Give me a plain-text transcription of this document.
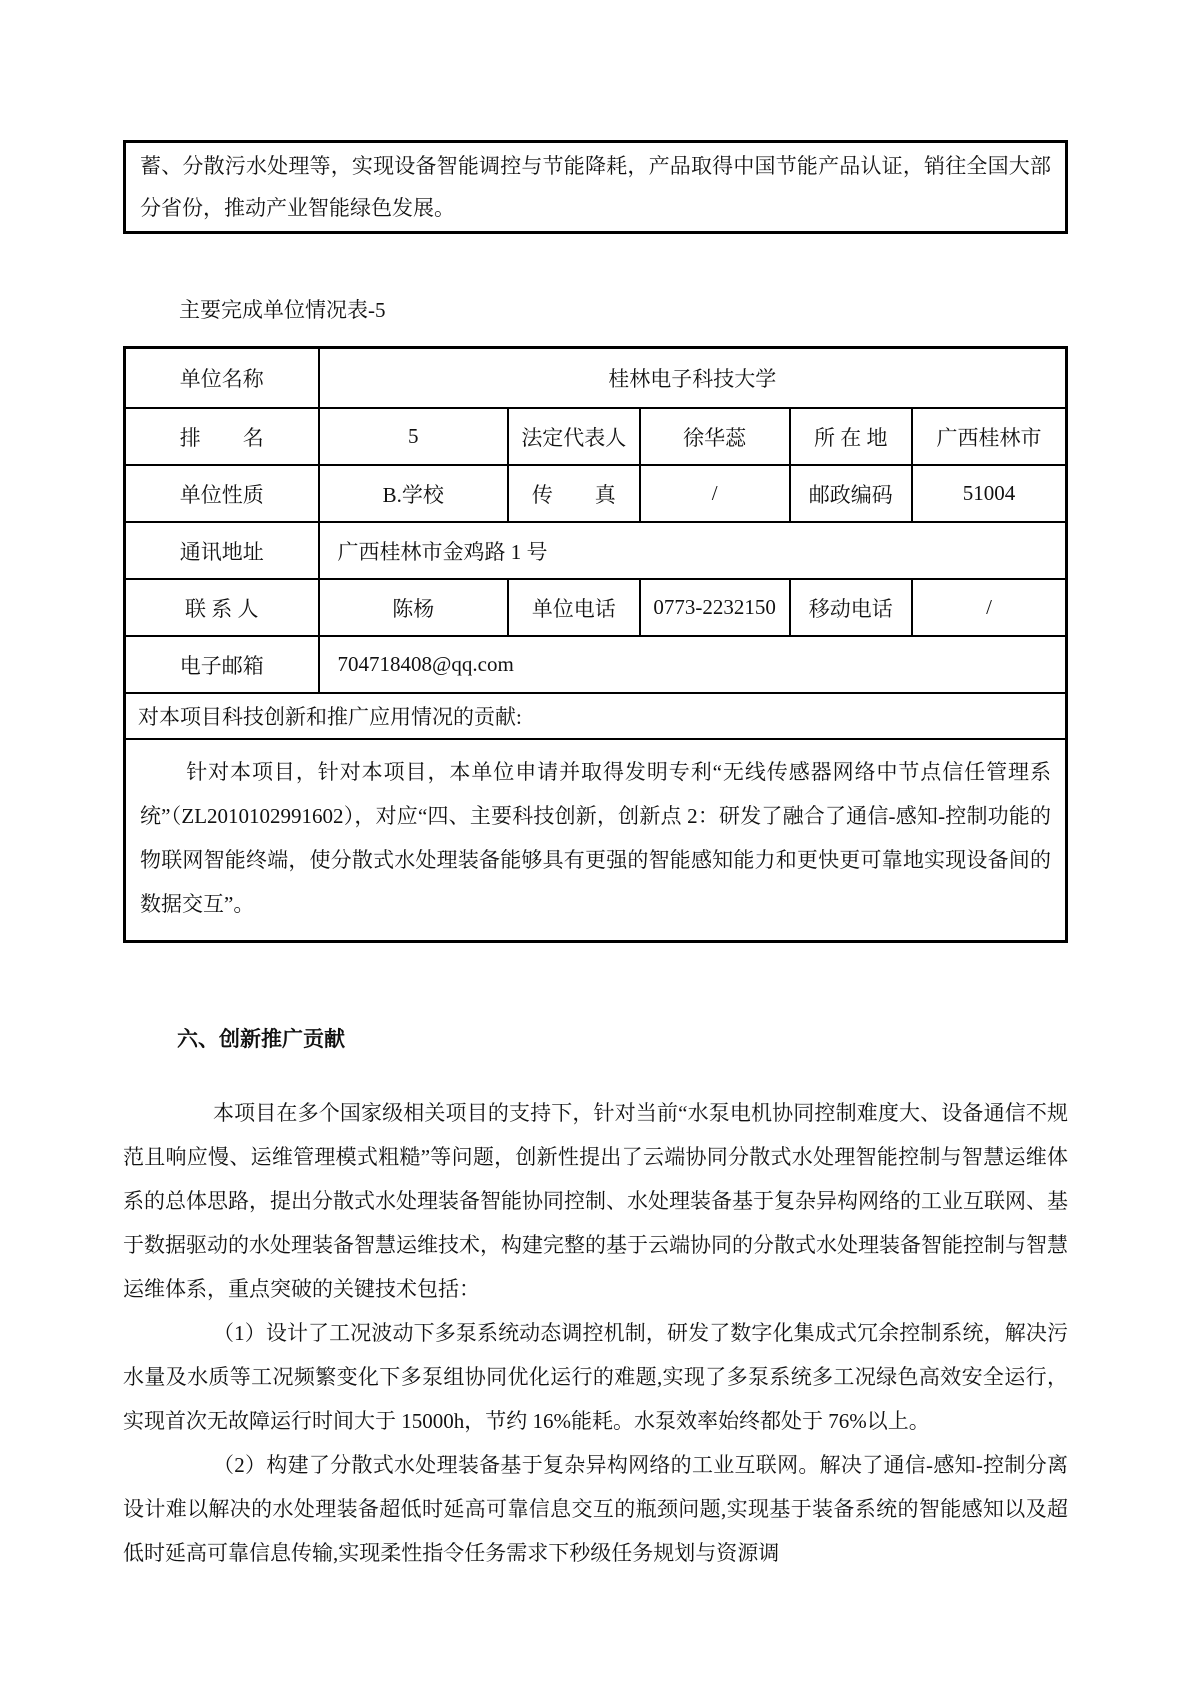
蓄、分散污水处理等，实现设备智能调控与节能降耗，产品取得中国节能产品认证，销往全国大部分省份，推动产业智能绿色发展。
主要完成单位情况表-5
单位名称	桂林电子科技大学				
排　　名	5	法定代表人	徐华蕊	所 在 地	广西桂林市
单位性质	B.学校	传　　真	/	邮政编码	51004
通讯地址	广西桂林市金鸡路 1 号				
联 系 人	陈杨	单位电话	0773-2232150	移动电话	/
电子邮箱	704718408@qq.com				
对本项目科技创新和推广应用情况的贡献:					

针对本项目，针对本项目，本单位申请并取得发明专利“无线传感器网络中节点信任管理系统”（ZL2010102991602），对应“四、主要科技创新，创新点 2：研发了融合了通信-感知-控制功能的物联网智能终端，使分散式水处理装备能够具有更强的智能感知能力和更快更可靠地实现设备间的数据交互”。					

六、创新推广贡献

本项目在多个国家级相关项目的支持下，针对当前“水泵电机协同控制难度大、设备通信不规范且响应慢、运维管理模式粗糙”等问题，创新性提出了云端协同分散式水处理智能控制与智慧运维体系的总体思路，提出分散式水处理装备智能协同控制、水处理装备基于复杂异构网络的工业互联网、基于数据驱动的水处理装备智慧运维技术，构建完整的基于云端协同的分散式水处理装备智能控制与智慧运维体系，重点突破的关键技术包括：

（1）设计了工况波动下多泵系统动态调控机制，研发了数字化集成式冗余控制系统，解决污水量及水质等工况频繁变化下多泵组协同优化运行的难题,实现了多泵系统多工况绿色高效安全运行，实现首次无故障运行时间大于 15000h，节约 16%能耗。水泵效率始终都处于 76%以上。

（2）构建了分散式水处理装备基于复杂异构网络的工业互联网。解决了通信-感知-控制分离设计难以解决的水处理装备超低时延高可靠信息交互的瓶颈问题,实现基于装备系统的智能感知以及超低时延高可靠信息传输,实现柔性指令任务需求下秒级任务规划与资源调
